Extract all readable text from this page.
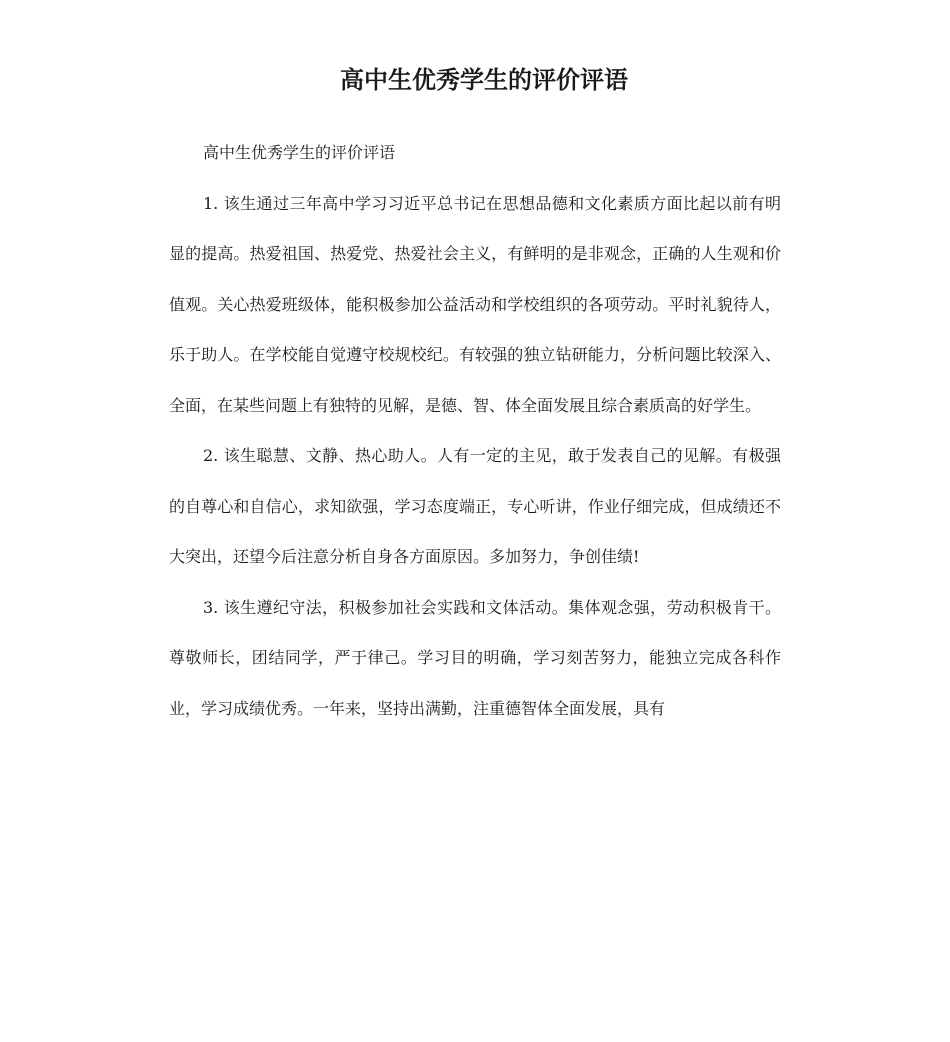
高中生优秀学生的评价评语

高中生优秀学生的评价评语

1. 该生通过三年高中学习习近平总书记在思想品德和文化素质方面比起以前有明显的提高。热爱祖国、热爱党、热爱社会主义，有鲜明的是非观念，正确的人生观和价值观。关心热爱班级体，能积极参加公益活动和学校组织的各项劳动。平时礼貌待人，乐于助人。在学校能自觉遵守校规校纪。有较强的独立钻研能力，分析问题比较深入、全面，在某些问题上有独特的见解，是德、智、体全面发展且综合素质高的好学生。

2. 该生聪慧、文静、热心助人。人有一定的主见，敢于发表自己的见解。有极强的自尊心和自信心，求知欲强，学习态度端正，专心听讲，作业仔细完成，但成绩还不大突出，还望今后注意分析自身各方面原因。多加努力，争创佳绩!

3. 该生遵纪守法，积极参加社会实践和文体活动。集体观念强，劳动积极肯干。尊敬师长，团结同学，严于律己。学习目的明确，学习刻苦努力，能独立完成各科作业，学习成绩优秀。一年来，坚持出满勤，注重德智体全面发展，具有
